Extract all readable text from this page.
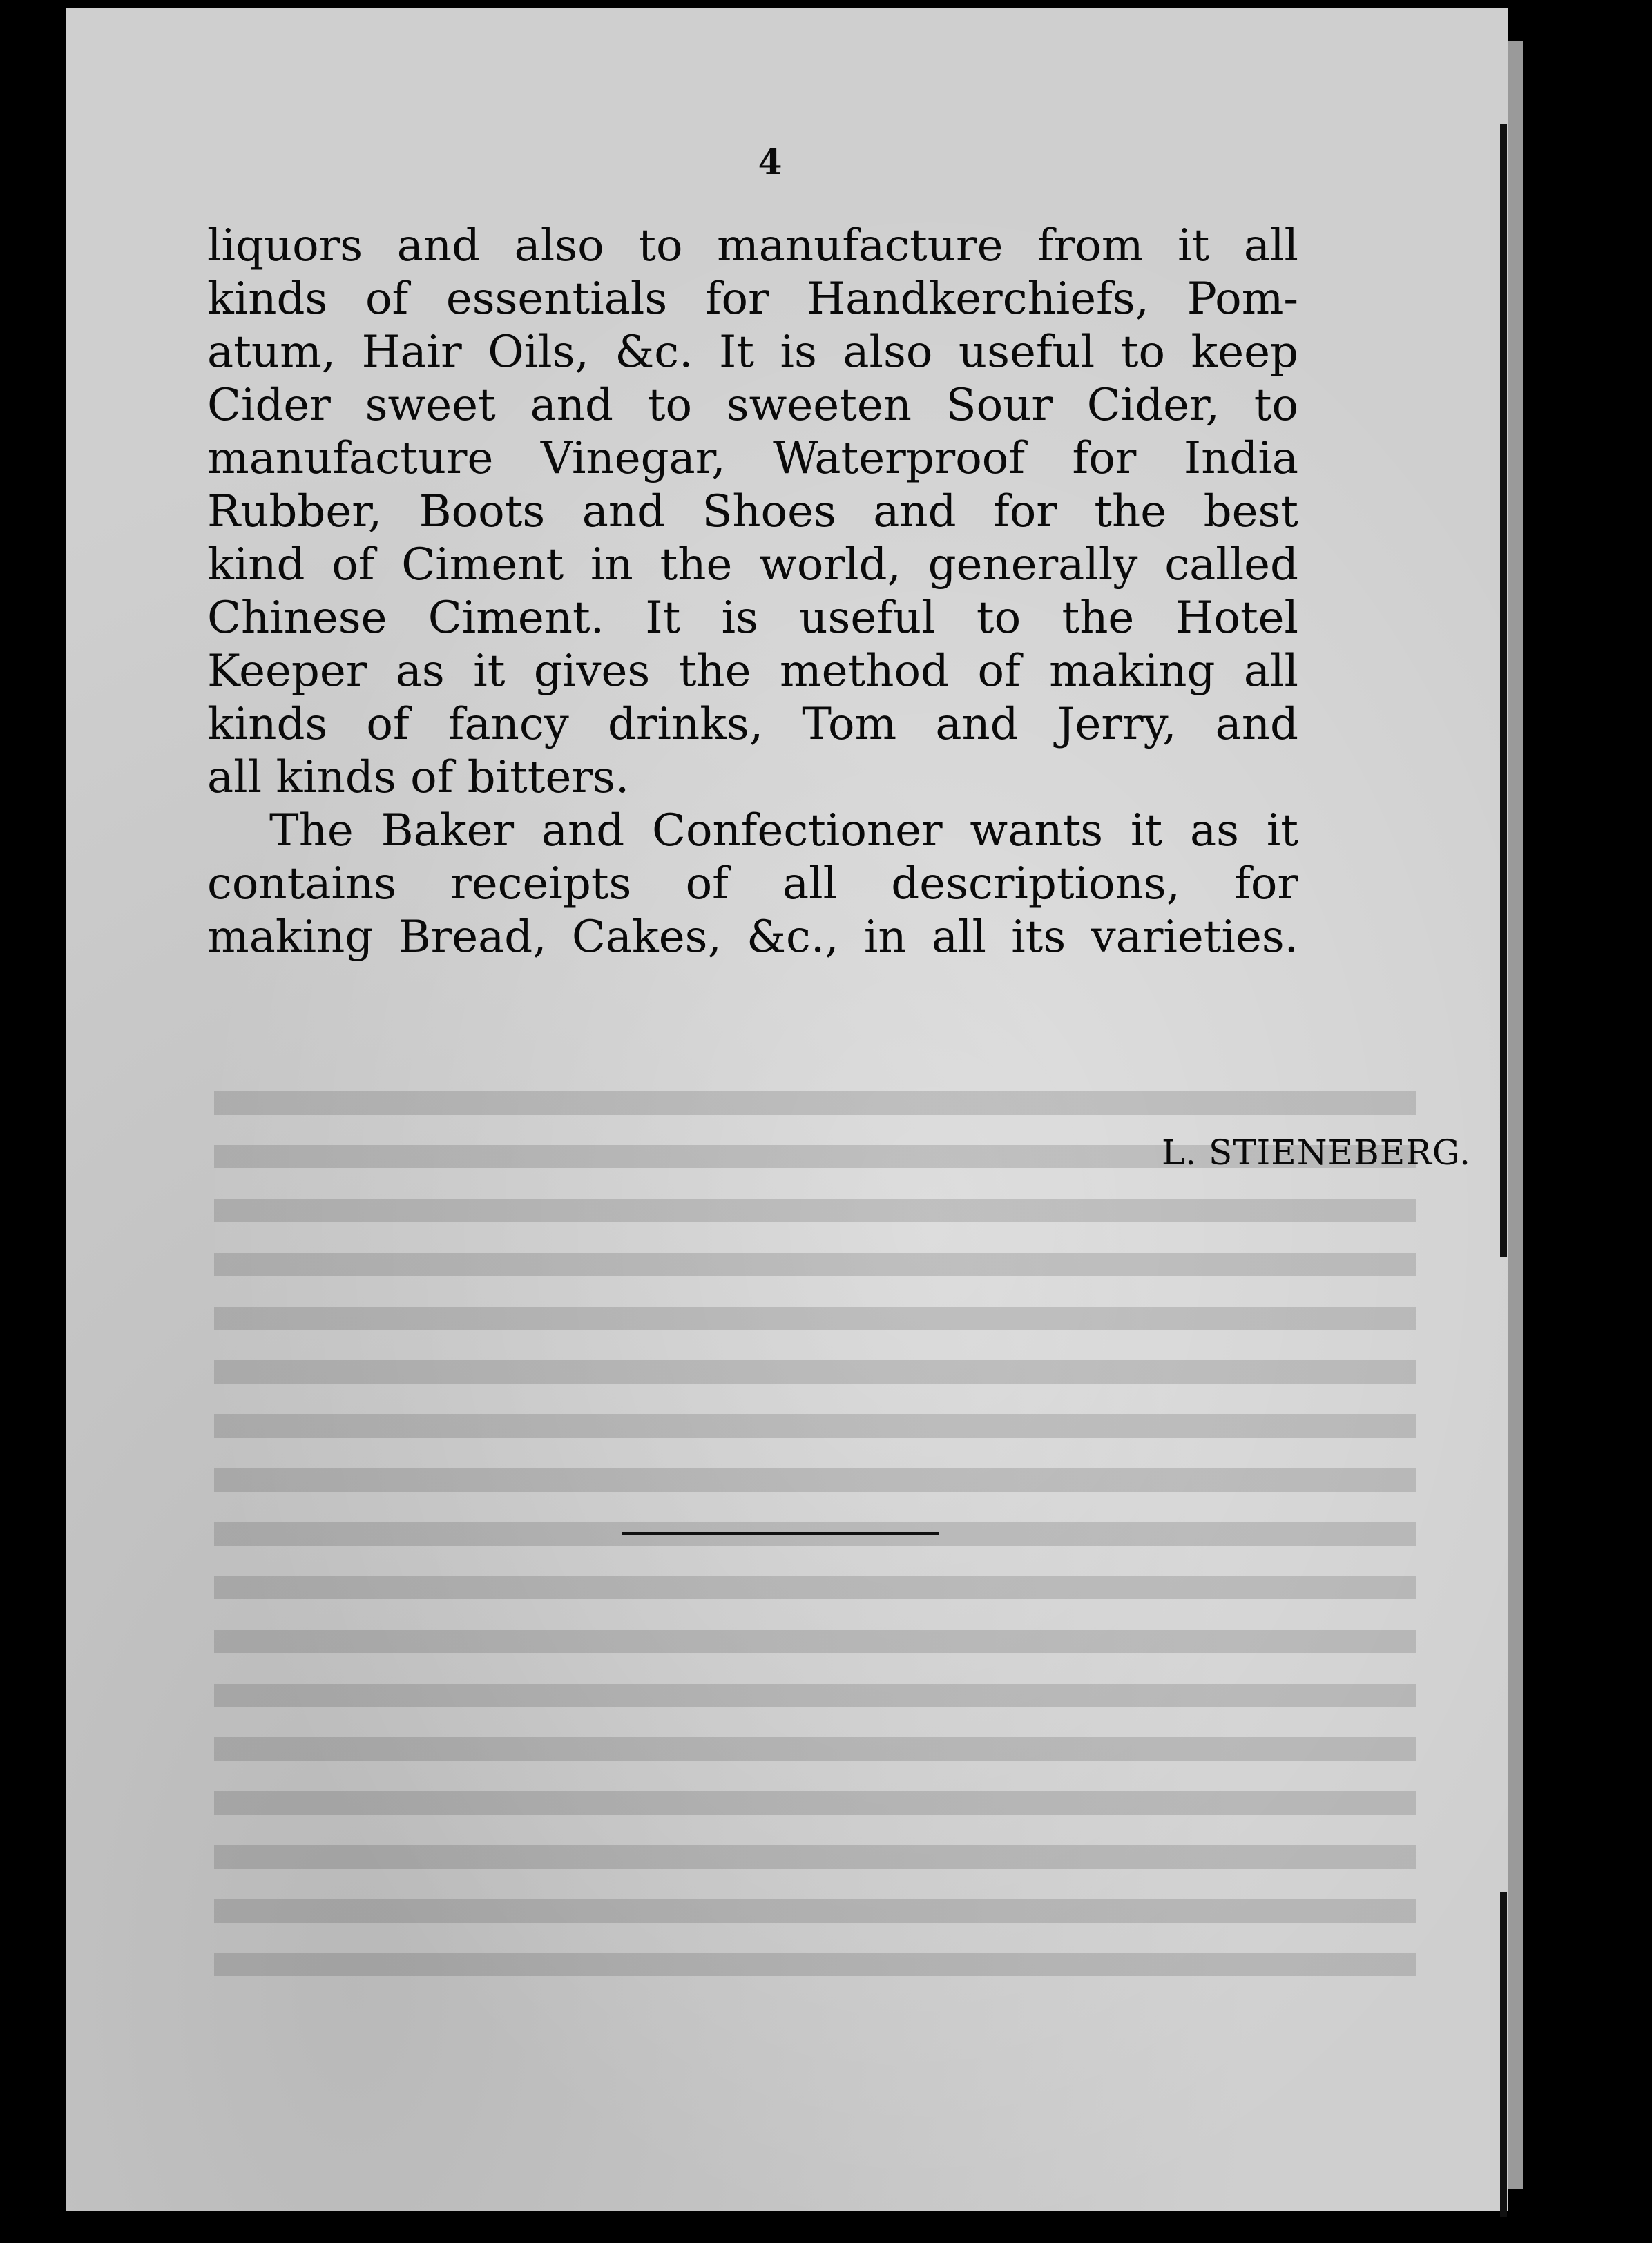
4
liquors and also to manufacture from it all
kinds of essentials for Handkerchiefs, Pom-
atum, Hair Oils, &c. It is also useful to keep
Cider sweet and to sweeten Sour Cider, to
manufacture Vinegar, Waterproof for India
Rubber, Boots and Shoes and for the best
kind of Ciment in the world, generally called
Chinese Ciment. It is useful to the Hotel
Keeper as it gives the method of making all
kinds of fancy drinks, Tom and Jerry, and
all kinds of bitters.
The Baker and Confectioner wants it as it
contains receipts of all descriptions, for
making Bread, Cakes, &c., in all its varieties.
L. STIENEBERG.
